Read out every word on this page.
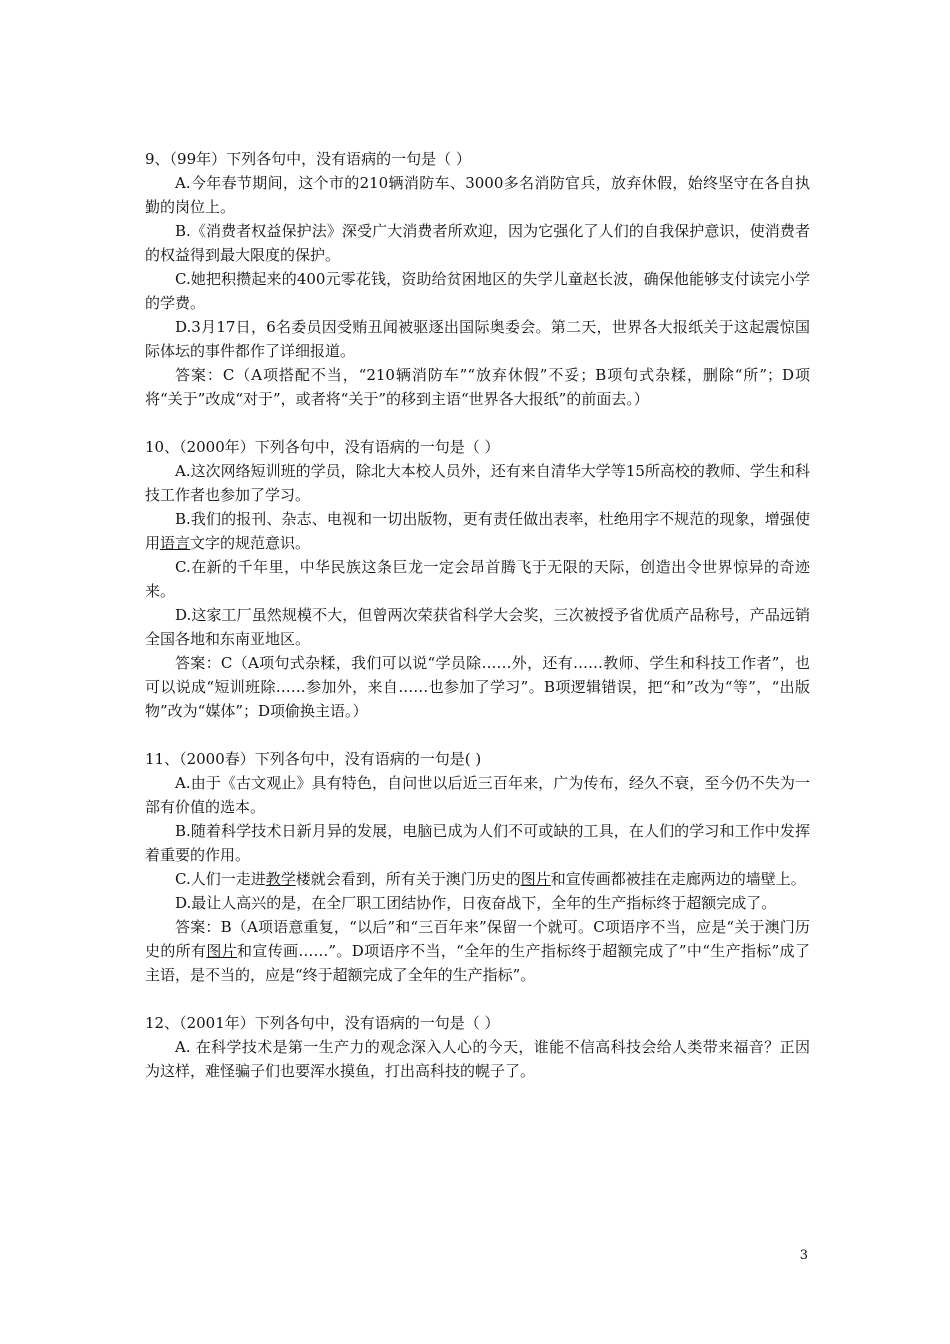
9、（99年）下列各句中，没有语病的一句是（ ）
A.今年春节期间，这个市的210辆消防车、3000多名消防官兵，放弃休假，始终坚守在各自执勤的岗位上。
B.《消费者权益保护法》深受广大消费者所欢迎，因为它强化了人们的自我保护意识，使消费者的权益得到最大限度的保护。
C.她把积攒起来的400元零花钱，资助给贫困地区的失学儿童赵长波，确保他能够支付读完小学的学费。
D.3月17日，6名委员因受贿丑闻被驱逐出国际奥委会。第二天，世界各大报纸关于这起震惊国际体坛的事件都作了详细报道。
答案：C（A项搭配不当，“210辆消防车”“放弃休假”不妥；B项句式杂糅，删除“所”；D项将“关于”改成“对于”，或者将“关于”的移到主语“世界各大报纸”的前面去。）
10、（2000年）下列各句中，没有语病的一句是（ ）
A.这次网络短训班的学员，除北大本校人员外，还有来自清华大学等15所高校的教师、学生和科技工作者也参加了学习。
B.我们的报刊、杂志、电视和一切出版物，更有责任做出表率，杜绝用字不规范的现象，增强使用语言文字的规范意识。
C.在新的千年里，中华民族这条巨龙一定会昂首腾飞于无限的天际，创造出令世界惊异的奇迹来。
D.这家工厂虽然规模不大，但曾两次荣获省科学大会奖，三次被授予省优质产品称号，产品远销全国各地和东南亚地区。
答案：C（A项句式杂糅，我们可以说“学员除……外，还有……教师、学生和科技工作者”，也可以说成“短训班除……参加外，来自……也参加了学习”。B项逻辑错误，把“和”改为“等”，“出版物”改为“媒体”；D项偷换主语。）
11、（2000春）下列各句中，没有语病的一句是( )
A.由于《古文观止》具有特色，自问世以后近三百年来，广为传布，经久不衰，至今仍不失为一部有价值的选本。
B.随着科学技术日新月异的发展，电脑已成为人们不可或缺的工具，在人们的学习和工作中发挥着重要的作用。
C.人们一走进教学楼就会看到，所有关于澳门历史的图片和宣传画都被挂在走廊两边的墙壁上。
D.最让人高兴的是，在全厂职工团结协作，日夜奋战下，全年的生产指标终于超额完成了。
答案：B（A项语意重复，“以后”和“三百年来”保留一个就可。C项语序不当，应是“关于澳门历史的所有图片和宣传画……”。D项语序不当，“全年的生产指标终于超额完成了”中“生产指标”成了主语，是不当的，应是“终于超额完成了全年的生产指标”。
12、（2001年）下列各句中，没有语病的一句是（ ）
A. 在科学技术是第一生产力的观念深入人心的今天，谁能不信高科技会给人类带来福音？正因为这样，难怪骗子们也要浑水摸鱼，打出高科技的幌子了。
3
